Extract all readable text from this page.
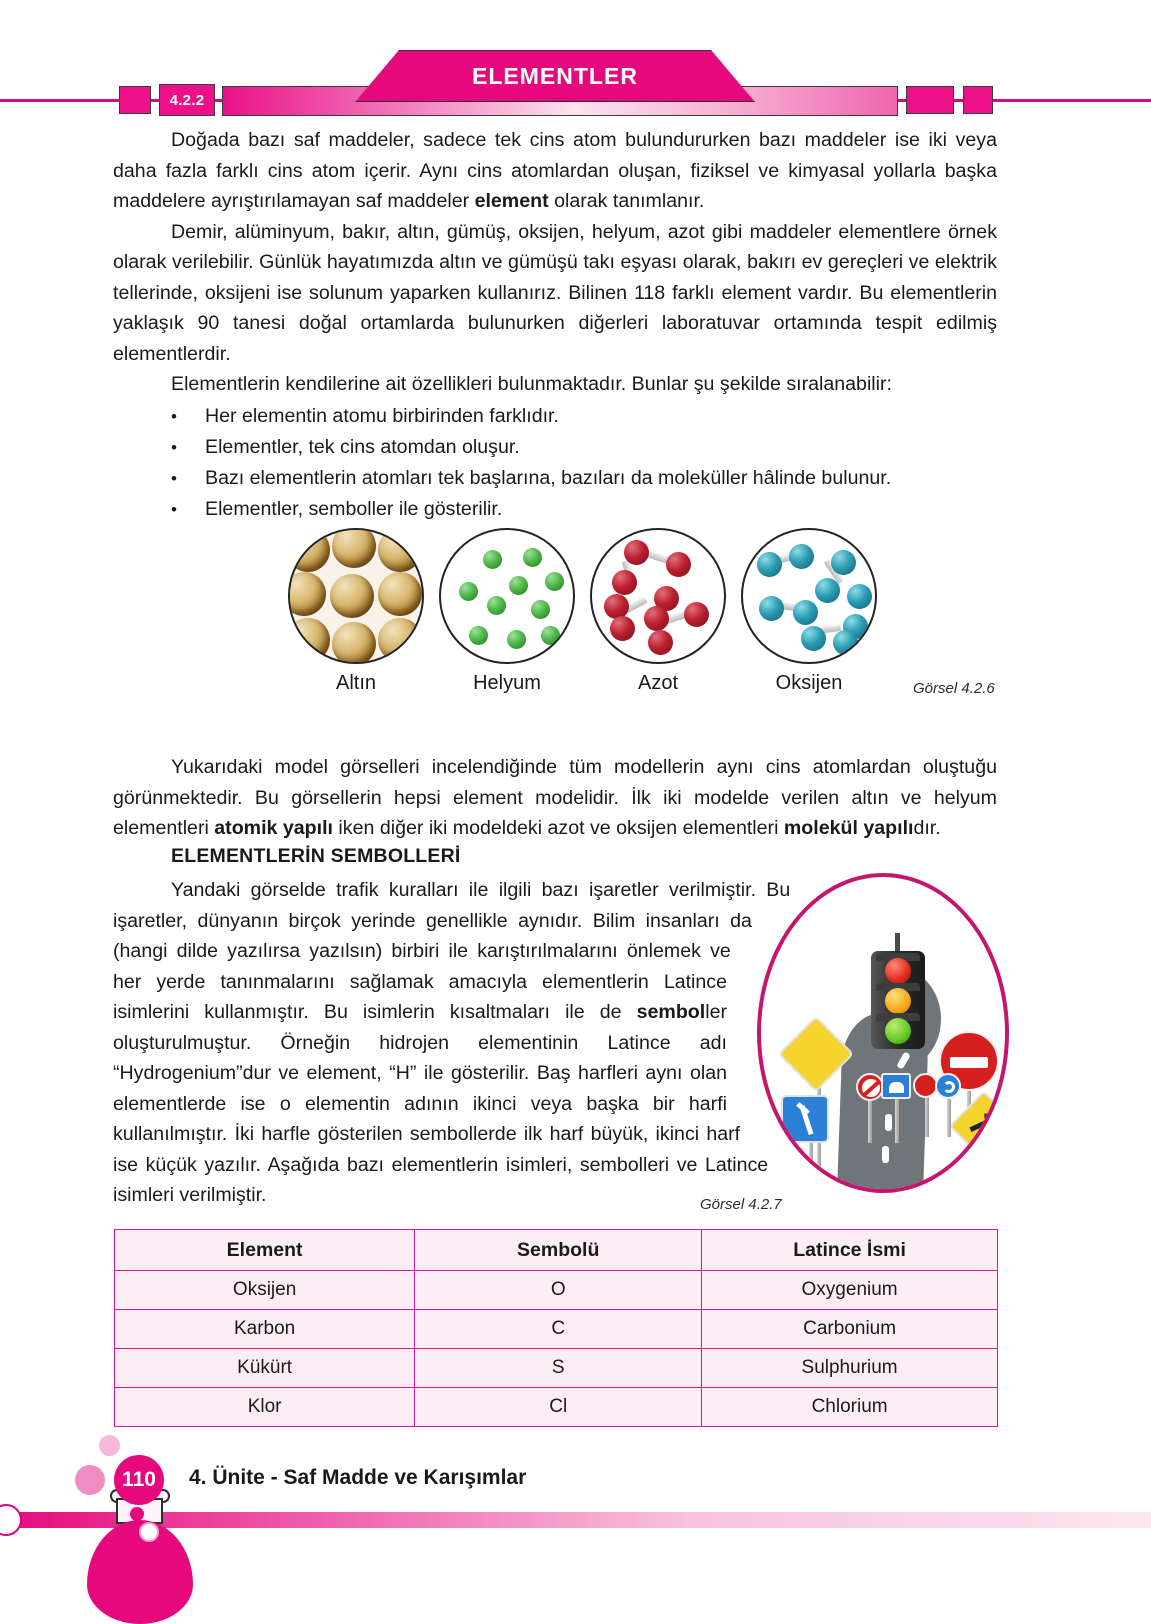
4.2.2
ELEMENTLER

Doğada bazı saf maddeler, sadece tek cins atom bulundururken bazı maddeler ise iki veya daha fazla farklı cins atom içerir. Aynı cins atomlardan oluşan, fiziksel ve kimyasal yollarla başka maddelere ayrıştırılamayan saf maddeler element olarak tanımlanır.

Demir, alüminyum, bakır, altın, gümüş, oksijen, helyum, azot gibi maddeler elementlere örnek olarak verilebilir. Günlük hayatımızda altın ve gümüşü takı eşyası olarak, bakırı ev gereçleri ve elektrik tellerinde, oksijeni ise solunum yaparken kullanırız. Bilinen 118 farklı element vardır. Bu elementlerin yaklaşık 90 tanesi doğal ortamlarda bulunurken diğerleri laboratuvar ortamında tespit edilmiş elementlerdir.

Elementlerin kendilerine ait özellikleri bulunmaktadır. Bunlar şu şekilde sıralanabilir:

•	Her elementin atomu birbirinden farklıdır.
•	Elementler, tek cins atomdan oluşur.
•	Bazı elementlerin atomları tek başlarına, bazıları da moleküller hâlinde bulunur.
•	Elementler, semboller ile gösterilir.
Altın	Helyum	Azot	Oksijen	Görsel 4.2.6

Yukarıdaki model görselleri incelendiğinde tüm modellerin aynı cins atomlardan oluştuğu görünmektedir. Bu görsellerin hepsi element modelidir. İlk iki modelde verilen altın ve helyum elementleri atomik yapılı iken diğer iki modeldeki azot ve oksijen elementleri molekül yapılıdır.

ELEMENTLERİN SEMBOLLERİ

Yandaki görselde trafik kuralları ile ilgili bazı işaretler verilmiştir. Bu işaretler, dünyanın birçok yerinde genellikle aynıdır. Bilim insanları da (hangi dilde yazılırsa yazılsın) birbiri ile karıştırılmalarını önlemek ve her yerde tanınmalarını sağlamak amacıyla elementlerin Latince isimlerini kullanmıştır. Bu isimlerin kısaltmaları ile de semboller oluşturulmuştur. Örneğin hidrojen elementinin Latince adı “Hydrogenium”dur ve element, “H” ile gösterilir. Baş harfleri aynı olan elementlerde ise o elementin adının ikinci veya başka bir harfi kullanılmıştır. İki harfle gösterilen sembollerde ilk harf büyük, ikinci harf ise küçük yazılır. Aşağıda bazı elementlerin isimleri, sembolleri ve Latince isimleri verilmiştir.	Görsel 4.2.7
Element	Sembolü	Latince İsmi
Oksijen	O	Oxygenium
Karbon	C	Carbonium
Kükürt	S	Sulphurium
Klor	Cl	Chlorium
110	4. Ünite - Saf Madde ve Karışımlar
